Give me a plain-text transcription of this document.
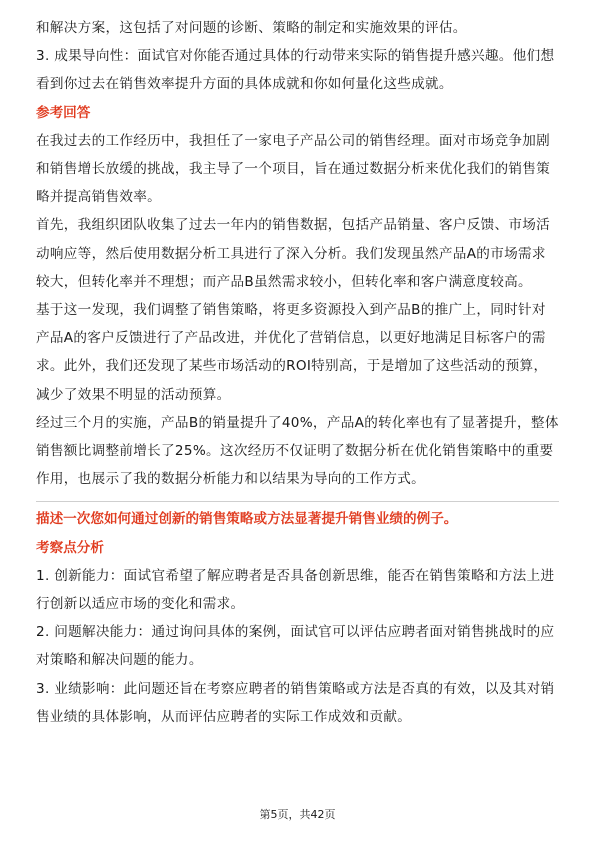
和解决方案，这包括了对问题的诊断、策略的制定和实施效果的评估。

3. 成果导向性：面试官对你能否通过具体的行动带来实际的销售提升感兴趣。他们想看到你过去在销售效率提升方面的具体成就和你如何量化这些成就。

参考回答

在我过去的工作经历中，我担任了一家电子产品公司的销售经理。面对市场竞争加剧和销售增长放缓的挑战，我主导了一个项目，旨在通过数据分析来优化我们的销售策略并提高销售效率。

首先，我组织团队收集了过去一年内的销售数据，包括产品销量、客户反馈、市场活动响应等，然后使用数据分析工具进行了深入分析。我们发现虽然产品A的市场需求较大，但转化率并不理想；而产品B虽然需求较小，但转化率和客户满意度较高。

基于这一发现，我们调整了销售策略，将更多资源投入到产品B的推广上，同时针对产品A的客户反馈进行了产品改进，并优化了营销信息，以更好地满足目标客户的需求。此外，我们还发现了某些市场活动的ROI特别高，于是增加了这些活动的预算，减少了效果不明显的活动预算。

经过三个月的实施，产品B的销量提升了40%，产品A的转化率也有了显著提升，整体销售额比调整前增长了25%。这次经历不仅证明了数据分析在优化销售策略中的重要作用，也展示了我的数据分析能力和以结果为导向的工作方式。

描述一次您如何通过创新的销售策略或方法显著提升销售业绩的例子。
考察点分析

1. 创新能力：面试官希望了解应聘者是否具备创新思维，能否在销售策略和方法上进行创新以适应市场的变化和需求。

2. 问题解决能力：通过询问具体的案例，面试官可以评估应聘者面对销售挑战时的应对策略和解决问题的能力。

3. 业绩影响：此问题还旨在考察应聘者的销售策略或方法是否真的有效，以及其对销售业绩的具体影响，从而评估应聘者的实际工作成效和贡献。

第5页，共42页
